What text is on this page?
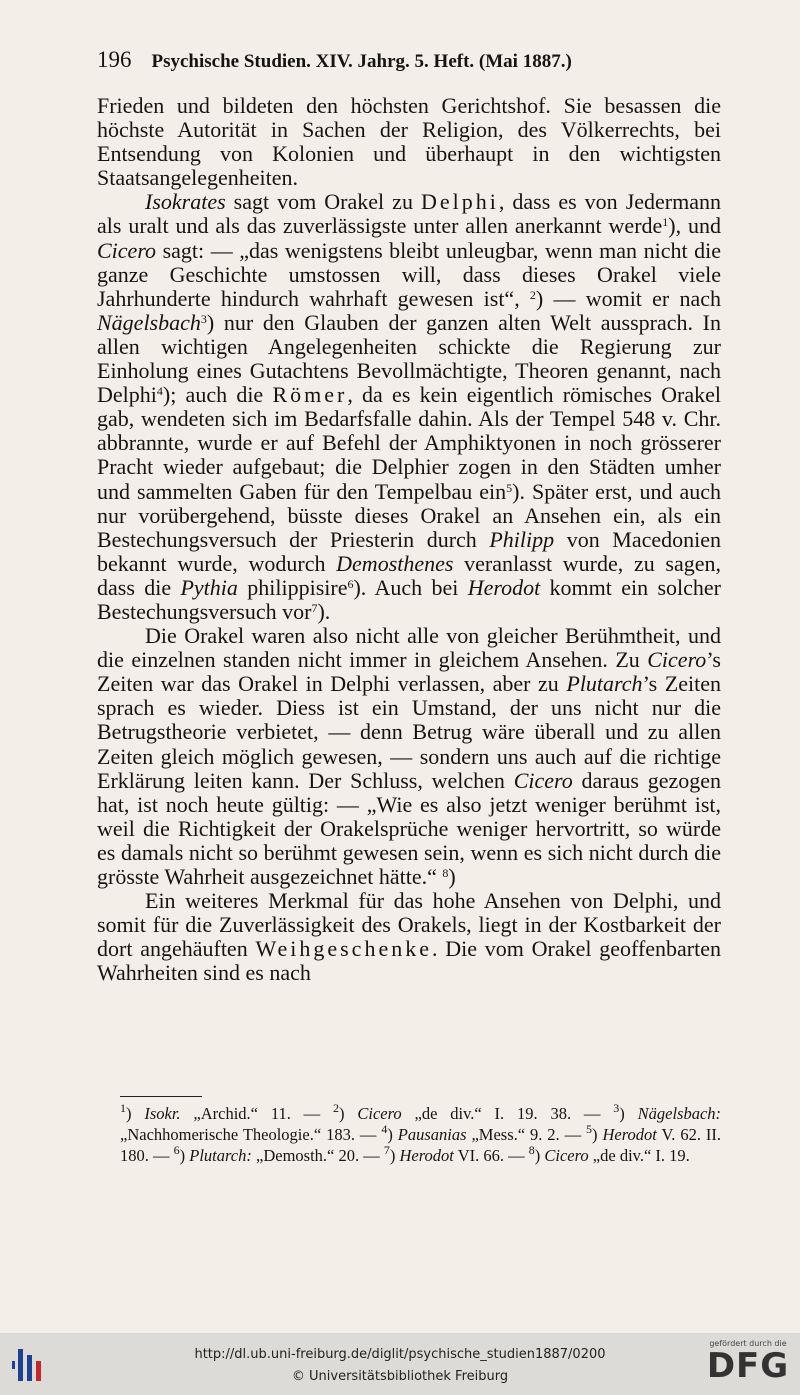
196 Psychische Studien. XIV. Jahrg. 5. Heft. (Mai 1887.)

Frieden und bildeten den höchsten Gerichtshof. Sie besassen die höchste Autorität in Sachen der Religion, des Völkerrechts, bei Entsendung von Kolonien und überhaupt in den wichtigsten Staatsangelegenheiten.

Isokrates sagt vom Orakel zu Delphi, dass es von Jedermann als uralt und als das zuverlässigste unter allen anerkannt werde$^1$), und Cicero sagt: — „das wenigstens bleibt unleugbar, wenn man nicht die ganze Geschichte umstossen will, dass dieses Orakel viele Jahrhunderte hindurch wahrhaft gewesen ist“, $^2$) — womit er nach Nägelsbach$^3$) nur den Glauben der ganzen alten Welt aussprach. In allen wichtigen Angelegenheiten schickte die Regierung zur Einholung eines Gutachtens Bevollmächtigte, Theoren genannt, nach Delphi$^4$); auch die Römer, da es kein eigentlich römisches Orakel gab, wendeten sich im Bedarfsfalle dahin. Als der Tempel 548 v. Chr. abbrannte, wurde er auf Befehl der Amphiktyonen in noch grösserer Pracht wieder aufgebaut; die Delphier zogen in den Städten umher und sammelten Gaben für den Tempelbau ein$^5$). Später erst, und auch nur vorübergehend, büsste dieses Orakel an Ansehen ein, als ein Bestechungsversuch der Priesterin durch Philipp von Macedonien bekannt wurde, wodurch Demosthenes veranlasst wurde, zu sagen, dass die Pythia philippisire$^6$). Auch bei Herodot kommt ein solcher Bestechungsversuch vor$^7$).

Die Orakel waren also nicht alle von gleicher Berühmtheit, und die einzelnen standen nicht immer in gleichem Ansehen. Zu Cicero’s Zeiten war das Orakel in Delphi verlassen, aber zu Plutarch’s Zeiten sprach es wieder. Diess ist ein Umstand, der uns nicht nur die Betrugstheorie verbietet, — denn Betrug wäre überall und zu allen Zeiten gleich möglich gewesen, — sondern uns auch auf die richtige Erklärung leiten kann. Der Schluss, welchen Cicero daraus gezogen hat, ist noch heute gültig: — „Wie es also jetzt weniger berühmt ist, weil die Richtigkeit der Orakelsprüche weniger hervortritt, so würde es damals nicht so berühmt gewesen sein, wenn es sich nicht durch die grösste Wahrheit ausgezeichnet hätte.“ $^8$)

Ein weiteres Merkmal für das hohe Ansehen von Delphi, und somit für die Zuverlässigkeit des Orakels, liegt in der Kostbarkeit der dort angehäuften Weihgeschenke. Die vom Orakel geoffenbarten Wahrheiten sind es nach

$^1$) Isokr. „Archid.“ 11. — $^2$) Cicero „de div.“ I. 19. 38. — $^3$) Nägelsbach: „Nachhomerische Theologie.“ 183. — $^4$) Pausanias „Mess.“ 9. 2. — $^5$) Herodot V. 62. II. 180. — $^6$) Plutarch: „Demosth.“ 20. — $^7$) Herodot VI. 66. — $^8$) Cicero „de div.“ I. 19.

http://dl.ub.uni-freiburg.de/diglit/psychische_studien1887/0200
© Universitätsbibliothek Freiburg
gefördert durch die
DFG
